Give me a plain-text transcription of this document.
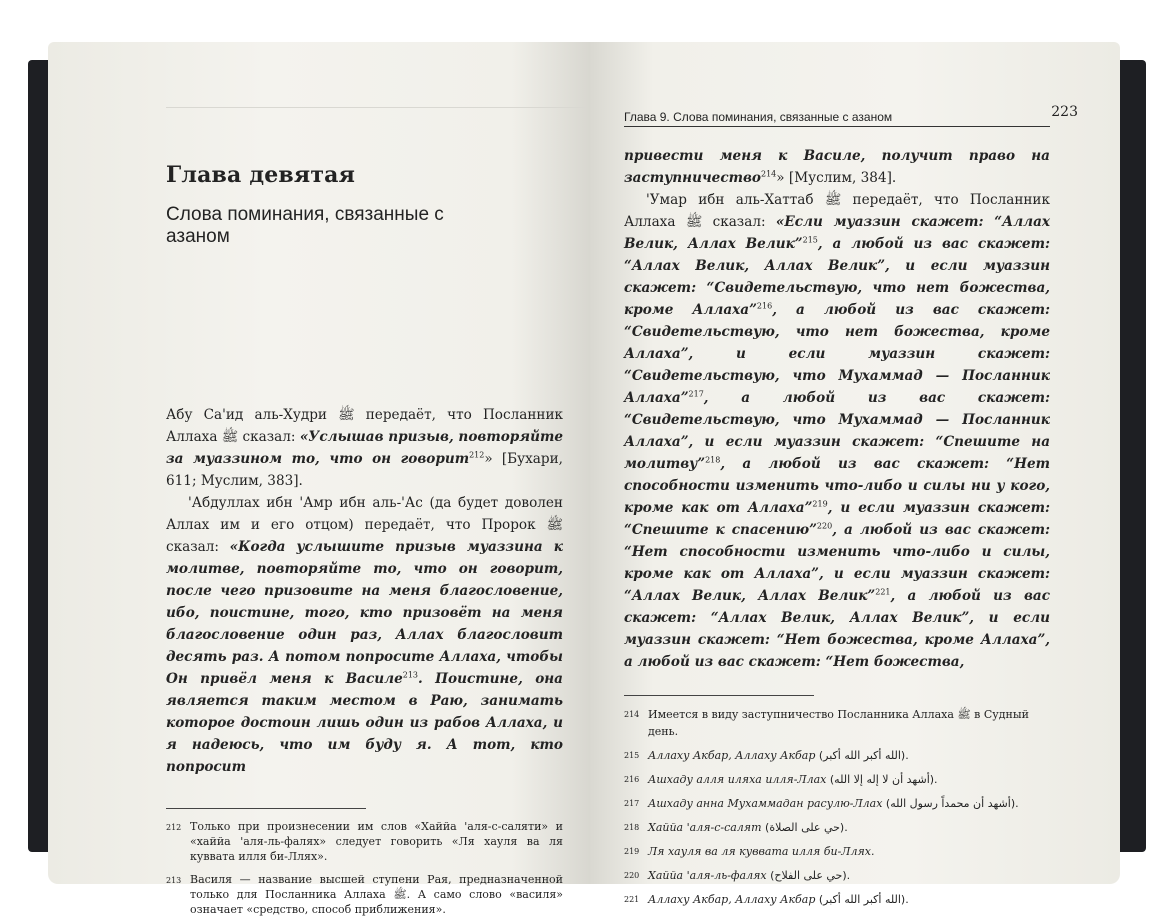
Глава девятая
Слова поминания, связанные с азаном

Абу Са'ид аль-Худри ﷺ передаёт, что Посланник Аллаха ﷺ сказал: «Услышав призыв, повторяйте за муаззином то, что он говорит$^{212}$» [Бухари, 611; Муслим, 383].

'Абдуллах ибн 'Амр ибн аль-'Ас (да будет доволен Аллах им и его отцом) передаёт, что Пророк ﷺ сказал: «Когда услышите призыв муаззина к молитве, повторяйте то, что он говорит, после чего призовите на меня благословение, ибо, поистине, того, кто призовёт на меня благословение один раз, Аллах благословит десять раз. А потом попросите Аллаха, чтобы Он привёл меня к Василе$^{213}$. Поистине, она является таким местом в Раю, занимать которое достоин лишь один из рабов Аллаха, и я надеюсь, что им буду я. А тот, кто попросит

212 Только при произнесении им слов «Хаййа 'аля-с-саляти» и «хаййа 'аля-ль-фалях» следует говорить «Ля хауля ва ля куввата илля би-Ллях».
213 Василя — название высшей ступени Рая, предназначенной только для Посланника Аллаха ﷺ. А само слово «василя» означает «средство, способ приближения».
Глава 9. Слова поминания, связанные с азаном	223

привести меня к Василе, получит право на заступничество$^{214}$» [Муслим, 384].

'Умар ибн аль-Хаттаб ﷺ передаёт, что Посланник Аллаха ﷺ сказал: «Если муаззин скажет: “Аллах Велик, Аллах Велик”$^{215}$, а любой из вас скажет: “Аллах Велик, Аллах Велик”, и если муаззин скажет: “Свидетельствую, что нет божества, кроме Аллаха”$^{216}$, а любой из вас скажет: “Свидетельствую, что нет божества, кроме Аллаха”, и если муаззин скажет: “Свидетельствую, что Мухаммад — Посланник Аллаха”$^{217}$, а любой из вас скажет: “Свидетельствую, что Мухаммад — Посланник Аллаха”, и если муаззин скажет: “Спешите на молитву”$^{218}$, а любой из вас скажет: “Нет способности изменить что-либо и силы ни у кого, кроме как от Аллаха”$^{219}$, и если муаззин скажет: “Спешите к спасению”$^{220}$, а любой из вас скажет: “Нет способности изменить что-либо и силы, кроме как от Аллаха”, и если муаззин скажет: “Аллах Велик, Аллах Велик”$^{221}$, а любой из вас скажет: “Аллах Велик, Аллах Велик”, и если муаззин скажет: “Нет божества, кроме Аллаха”, а любой из вас скажет: “Нет божества,

214 Имеется в виду заступничество Посланника Аллаха ﷺ в Судный день.
215 Аллаху Акбар, Аллаху Акбар (الله أكبر الله أكبر).
216 Ашхаду алля иляха илля-Ллах (أشهد أن لا إله إلا الله).
217 Ашхаду анна Мухаммадан расулю-Ллах (أشهد أن محمداً رسول الله).
218 Хаййа 'аля-с-салят (حي على الصلاة).
219 Ля хауля ва ля куввата илля би-Ллях.
220 Хаййа 'аля-ль-фалях (حي على الفلاح).
221 Аллаху Акбар, Аллаху Акбар (الله أكبر الله أكبر).
